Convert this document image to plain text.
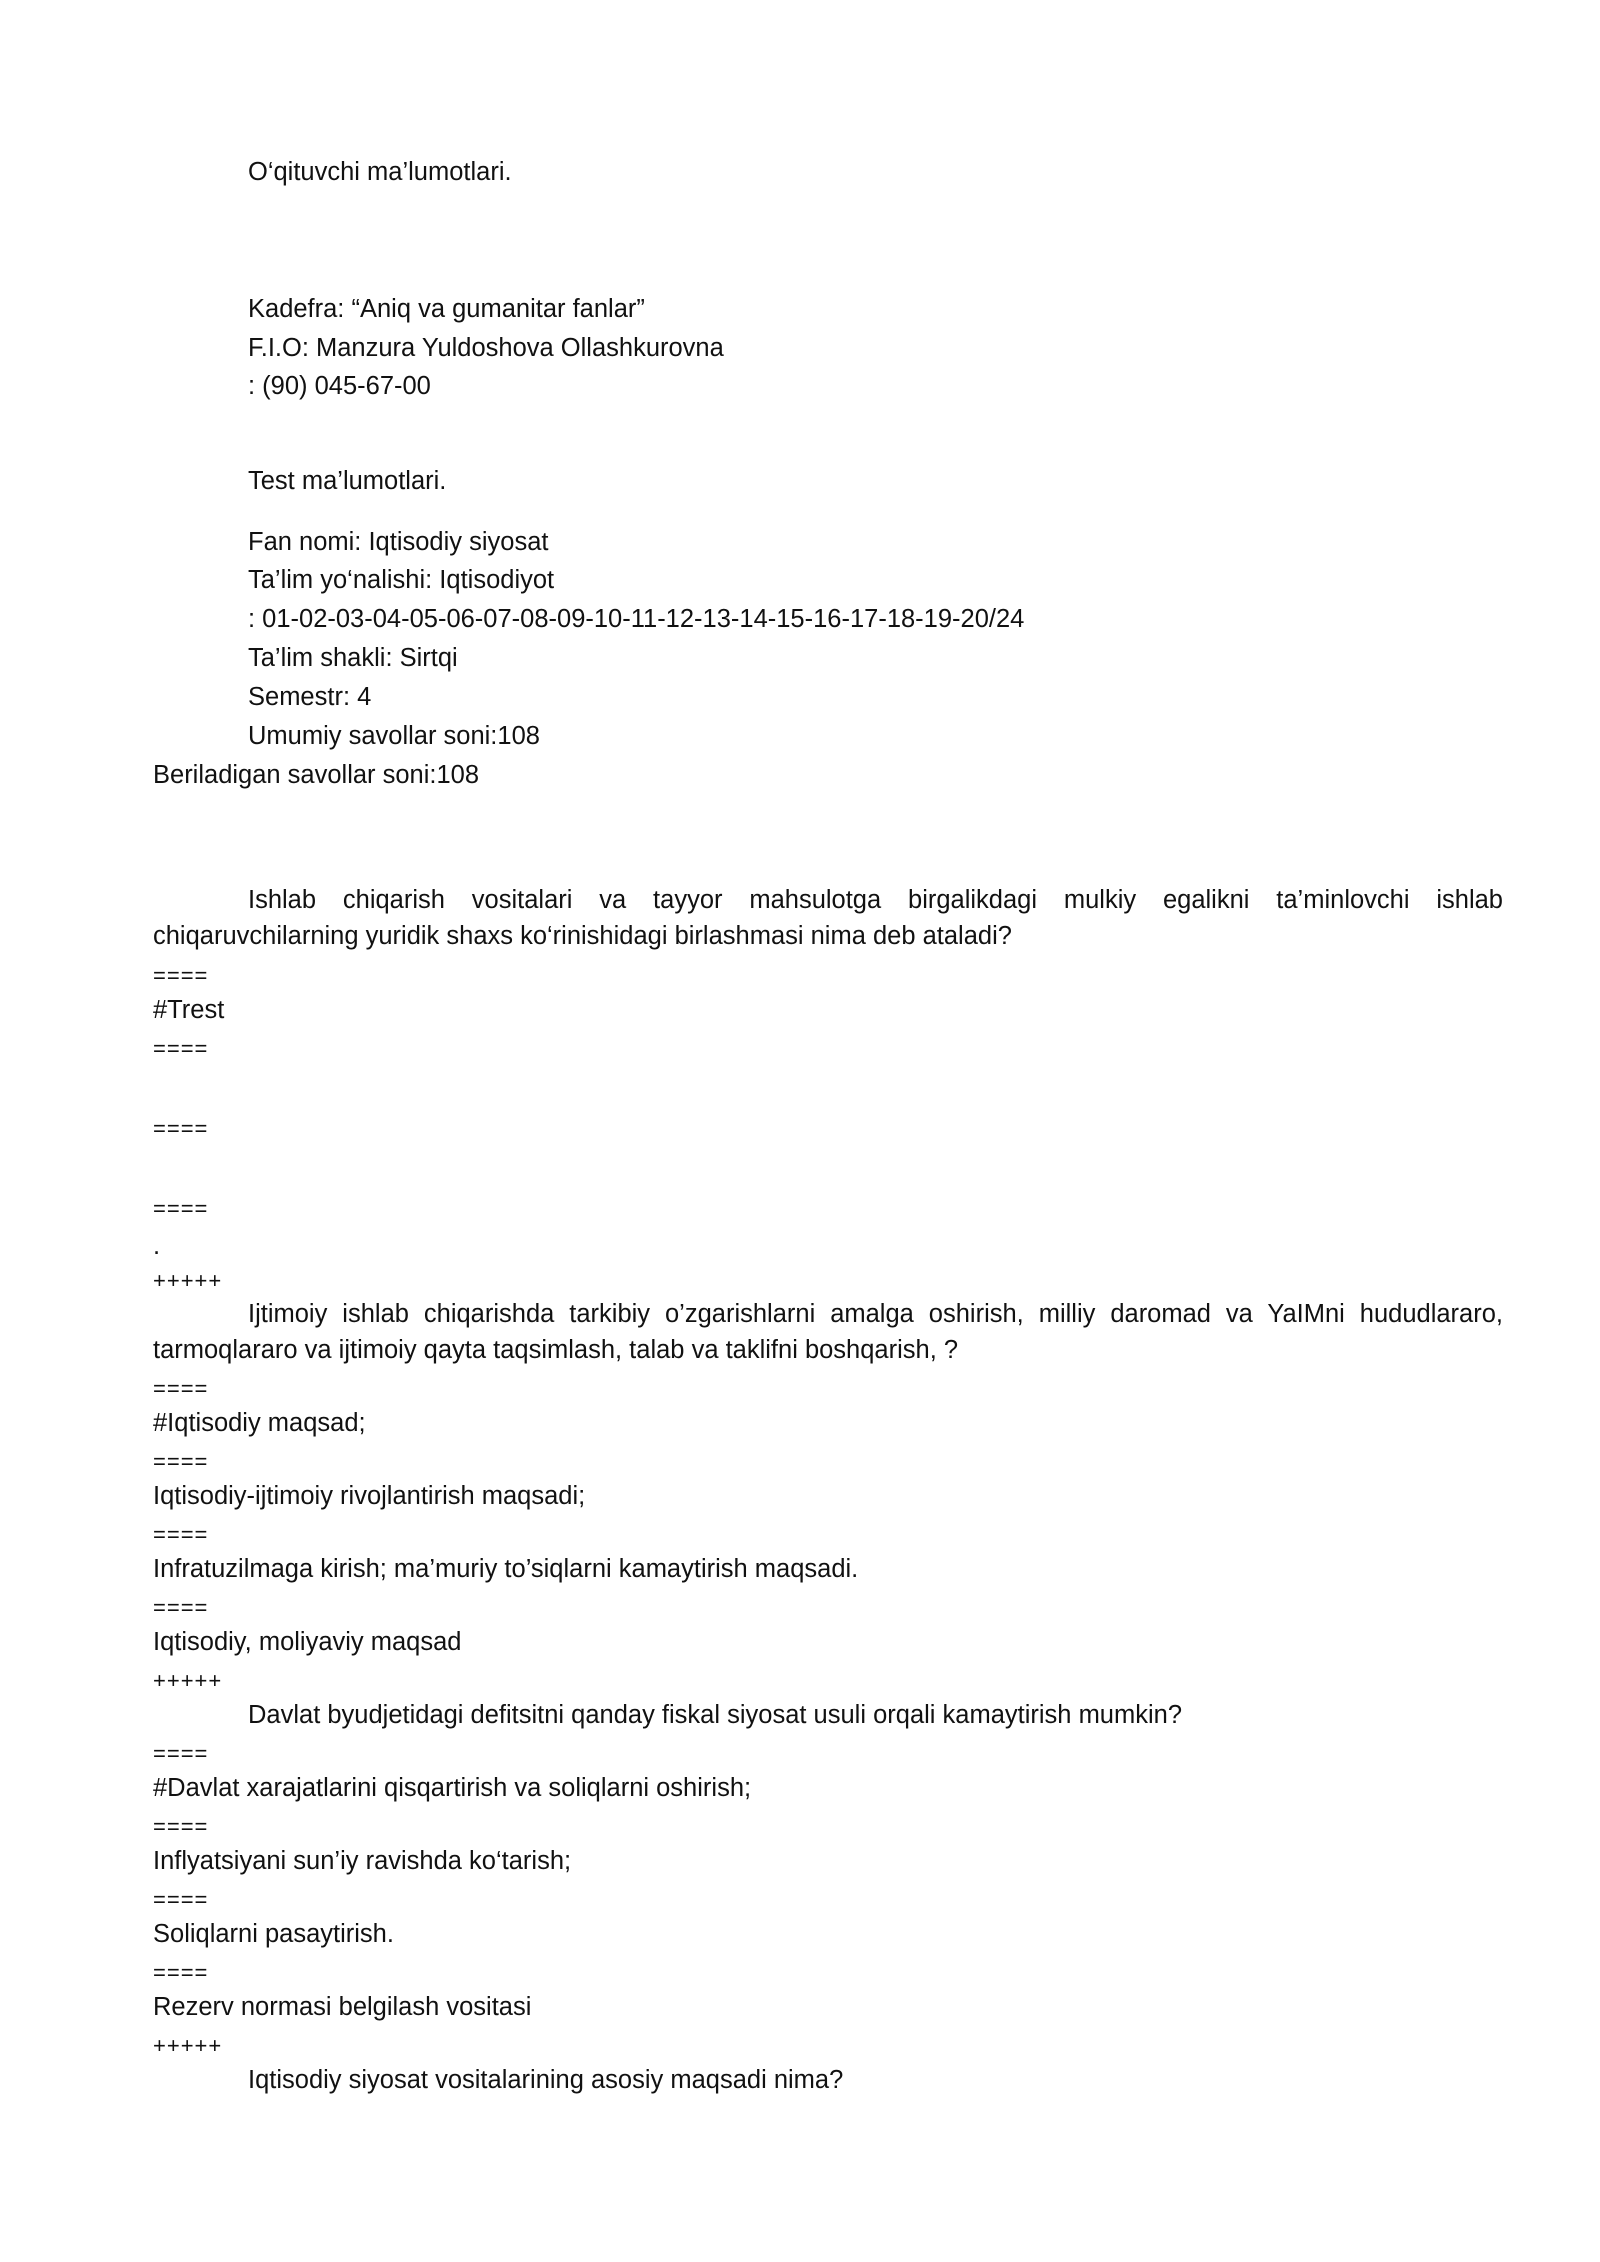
O‘qituvchi ma’lumotlari.
Kadefra: “Aniq va gumanitar fanlar”
F.I.O: Manzura Yuldoshova Ollashkurovna
: (90) 045-67-00
Test ma’lumotlari.
Fan nomi: Iqtisodiy siyosat
Ta’lim yo‘nalishi: Iqtisodiyot
: 01-02-03-04-05-06-07-08-09-10-11-12-13-14-15-16-17-18-19-20/24
Ta’lim shakli: Sirtqi
Semestr: 4
Umumiy savollar soni:108
Beriladigan savollar soni:108

Ishlab chiqarish vositalari va tayyor mahsulotga birgalikdagi mulkiy egalikni ta’minlovchi ishlab chiqaruvchilarning yuridik shaxs ko‘rinishidagi birlashmasi nima deb ataladi?

====
#Trest
====
====
====
.
+++++

Ijtimoiy ishlab chiqarishda tarkibiy o’zgarishlarni amalga oshirish, milliy daromad va YaIMni hududlararo, tarmoqlararo va ijtimoiy qayta taqsimlash, talab va taklifni boshqarish, ?

====
#Iqtisodiy maqsad;
====
Iqtisodiy-ijtimoiy rivojlantirish maqsadi;
====
Infratuzilmaga kirish; ma’muriy to’siqlarni kamaytirish maqsadi.
====
Iqtisodiy, moliyaviy maqsad
+++++
Davlat byudjetidagi defitsitni qanday fiskal siyosat usuli orqali kamaytirish mumkin?
====
#Davlat xarajatlarini qisqartirish va soliqlarni oshirish;
====
Inflyatsiyani sun’iy ravishda ko‘tarish;
====
Soliqlarni pasaytirish.
====
Rezerv normasi belgilash vositasi
+++++
Iqtisodiy siyosat vositalarining asosiy maqsadi nima?
